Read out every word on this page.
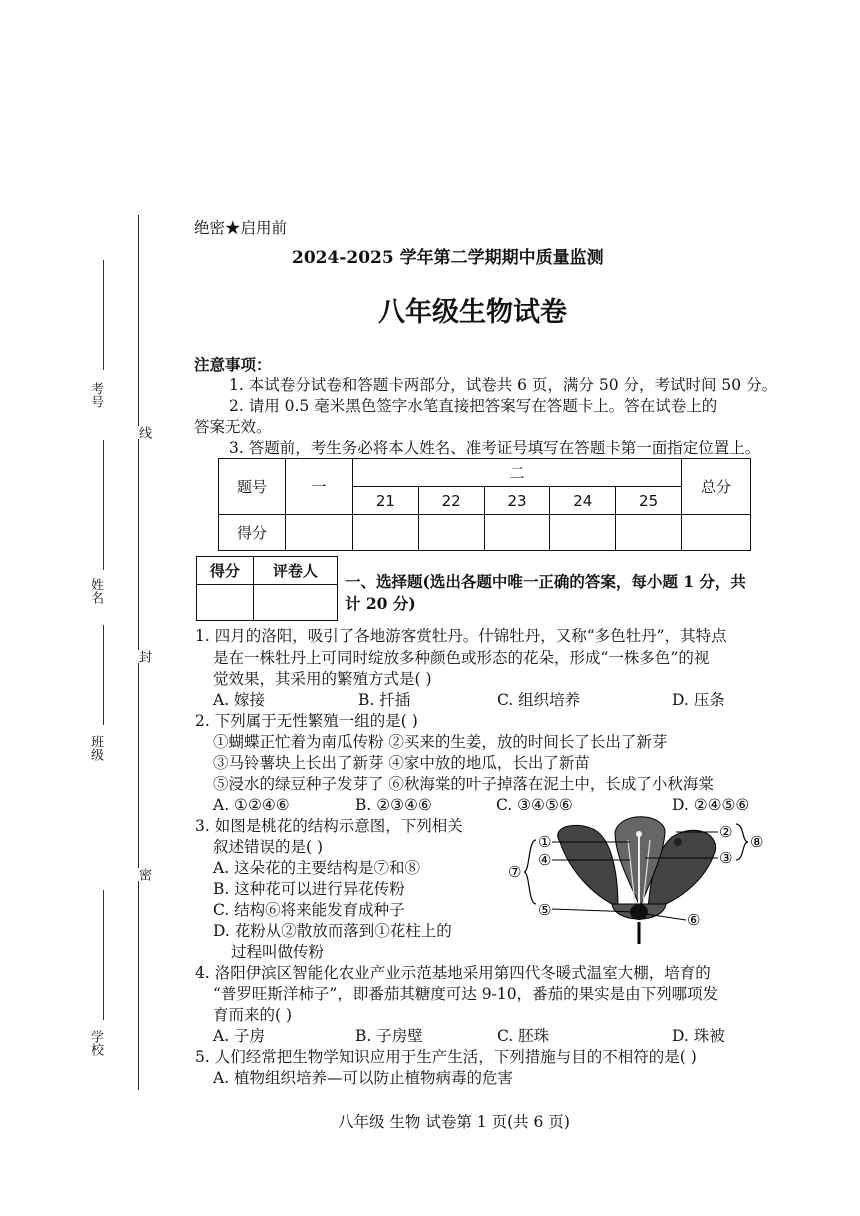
考号
姓名
班级
学校
线
封
密
绝密★启用前
2024-2025 学年第二学期期中质量监测
八年级生物试卷
注意事项：
1. 本试卷分试卷和答题卡两部分，试卷共 6 页，满分 50 分，考试时间 50 分。
2. 请用 0.5 毫米黑色签字水笔直接把答案写在答题卡上。答在试卷上的
答案无效。
3. 答题前，考生务必将本人姓名、准考证号填写在答题卡第一面指定位置上。
题号	一	二					总分
		21	22	23	24	25	
得分							
得分	评卷人

一、选择题(选出各题中唯一正确的答案，每小题 1 分，共
计 20 分)
1. 四月的洛阳，吸引了各地游客赏牡丹。什锦牡丹，又称“多色牡丹”，其特点
是在一株牡丹上可同时绽放多种颜色或形态的花朵，形成“一株多色”的视
觉效果，其采用的繁殖方式是( )
A. 嫁接	B. 扦插	C. 组织培养	D. 压条
2. 下列属于无性繁殖一组的是( )
①蝴蝶正忙着为南瓜传粉 ②买来的生姜，放的时间长了长出了新芽
③马铃薯块上长出了新芽 ④家中放的地瓜，长出了新苗
⑤浸水的绿豆种子发芽了 ⑥秋海棠的叶子掉落在泥土中，长成了小秋海棠
A. ①②④⑥	B. ②③④⑥	C. ③④⑤⑥	D. ②④⑤⑥
3. 如图是桃花的结构示意图，下列相关
叙述错误的是( )
A. 这朵花的主要结构是⑦和⑧
B. 这种花可以进行异花传粉
C. 结构⑥将来能发育成种子
D. 花粉从②散放而落到①花柱上的
过程叫做传粉
①
④
⑦
⑤
②
③
⑧
⑥
4. 洛阳伊滨区智能化农业产业示范基地采用第四代冬暖式温室大棚，培育的
“普罗旺斯洋柿子”，即番茄其糖度可达 9-10，番茄的果实是由下列哪项发
育而来的( )
A. 子房	B. 子房壁	C. 胚珠	D. 珠被
5. 人们经常把生物学知识应用于生产生活，下列措施与目的不相符的是( )
A. 植物组织培养—可以防止植物病毒的危害
八年级 生物 试卷第 1 页(共 6 页)
